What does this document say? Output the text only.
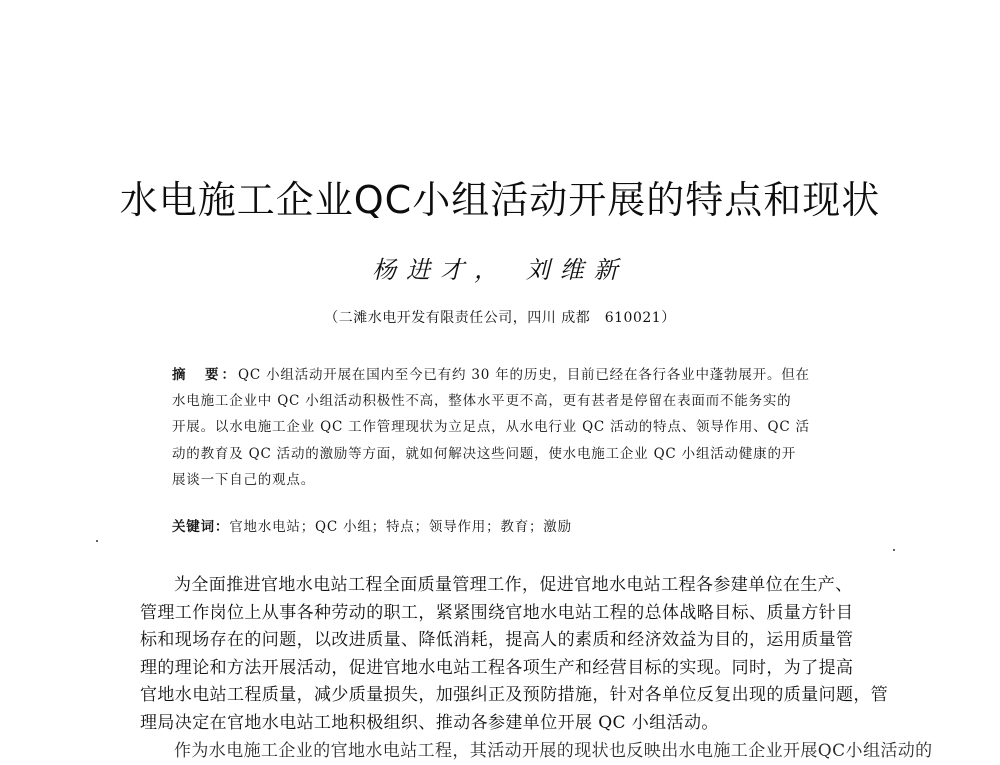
水电施工企业QC小组活动开展的特点和现状
杨进才， 刘维新
（二滩水电开发有限责任公司，四川 成都　610021）
摘　要：QC 小组活动开展在国内至今已有约 30 年的历史，目前已经在各行各业中蓬勃展开。但在
水电施工企业中 QC 小组活动积极性不高，整体水平更不高，更有甚者是停留在表面而不能务实的
开展。以水电施工企业 QC 工作管理现状为立足点，从水电行业 QC 活动的特点、领导作用、QC 活
动的教育及 QC 活动的激励等方面，就如何解决这些问题，使水电施工企业 QC 小组活动健康的开
展谈一下自己的观点。
关键词：官地水电站；QC 小组；特点；领导作用；教育；激励
为全面推进官地水电站工程全面质量管理工作，促进官地水电站工程各参建单位在生产、
管理工作岗位上从事各种劳动的职工，紧紧围绕官地水电站工程的总体战略目标、质量方针目
标和现场存在的问题，以改进质量、降低消耗，提高人的素质和经济效益为目的，运用质量管
理的理论和方法开展活动，促进官地水电站工程各项生产和经营目标的实现。同时，为了提高
官地水电站工程质量，减少质量损失，加强纠正及预防措施，针对各单位反复出现的质量问题，管
理局决定在官地水电站工地积极组织、推动各参建单位开展 QC 小组活动。
作为水电施工企业的官地水电站工程，其活动开展的现状也反映出水电施工企业开展QC小组活动的
